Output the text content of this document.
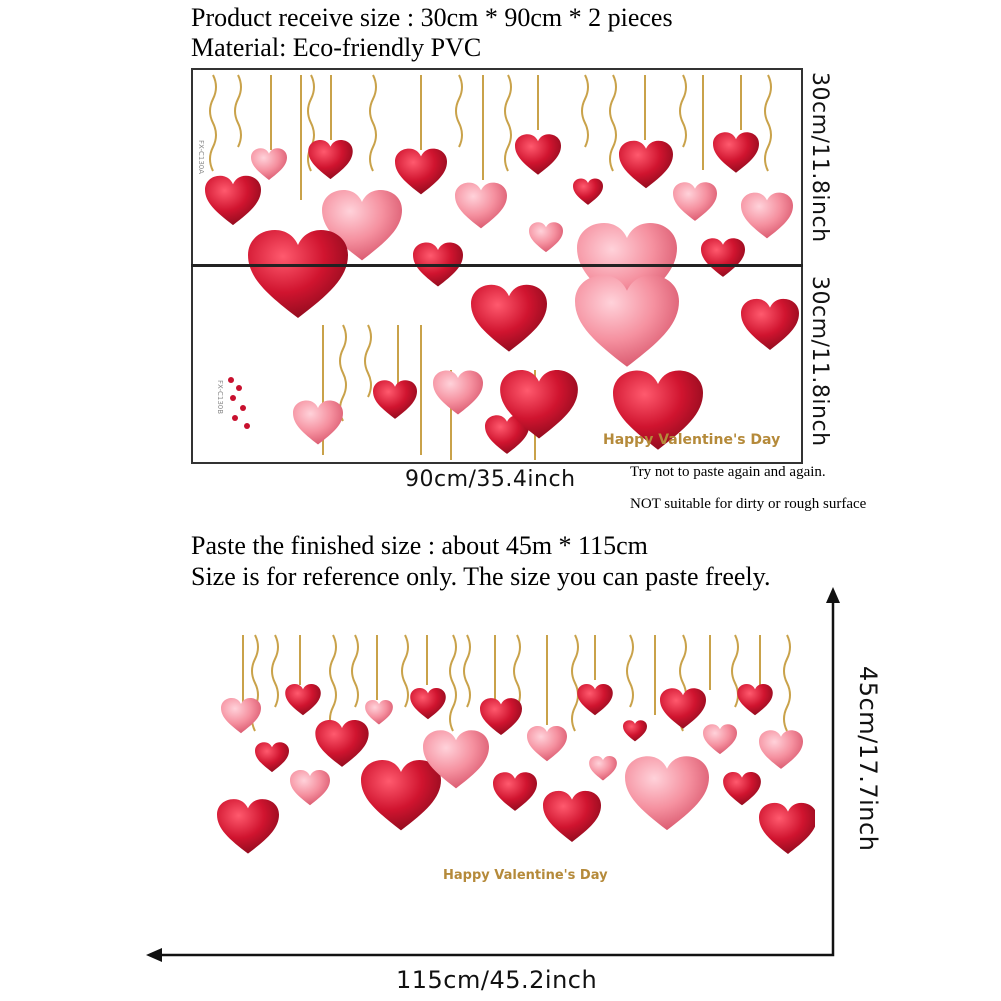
Product receive size : 30cm * 90cm * 2 pieces
Material: Eco-friendly PVC
FX-C130B
FX-C130A
Happy Valentine's Day
30cm/11.8inch
30cm/11.8inch
90cm/35.4inch	Try not to paste again and again.
NOT suitable for dirty or rough surface
Paste the finished size : about 45m * 115cm
Size is for reference only. The size you can paste freely.
Happy Valentine's Day
45cm/17.7inch
115cm/45.2inch
